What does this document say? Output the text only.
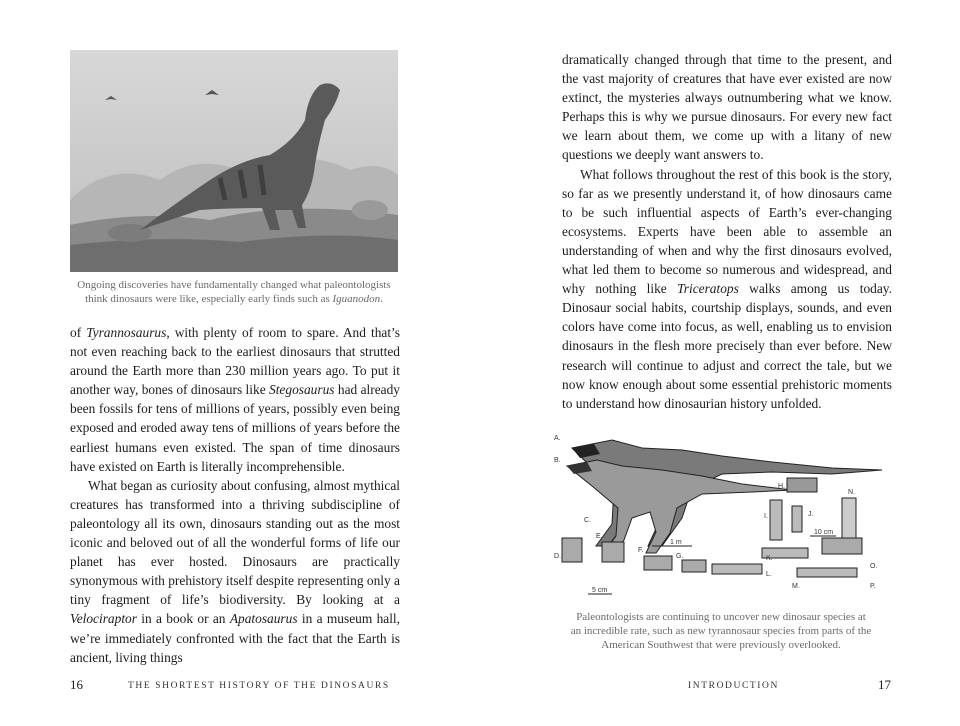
Ongoing discoveries have fundamentally changed what paleontologists
think dinosaurs were like, especially early finds such as Iguanodon.

of Tyrannosaurus, with plenty of room to spare. And that’s not even reaching back to the earliest dinosaurs that strutted around the Earth more than 230 million years ago. To put it another way, bones of dinosaurs like Stegosaurus had already been fossils for tens of millions of years, possibly even being exposed and eroded away tens of millions of years before the earliest humans even existed. The span of time dinosaurs have existed on Earth is literally incomprehensible.

What began as curiosity about confusing, almost mythical creatures has transformed into a thriving subdiscipline of paleontology all its own, dinosaurs standing out as the most iconic and beloved out of all the wonderful forms of life our planet has ever hosted. Dinosaurs are practically synonymous with prehistory itself despite representing only a tiny fragment of life’s biodiversity. By looking at a Velociraptor in a book or an Apatosaurus in a museum hall, we’re immediately confronted with the fact that the Earth is ancient, living things

16	THE SHORTEST HISTORY OF THE DINOSAURS

dramatically changed through that time to the present, and the vast majority of creatures that have ever existed are now extinct, the mysteries always outnumbering what we know. Perhaps this is why we pursue dinosaurs. For every new fact we learn about them, we come up with a litany of new questions we deeply want answers to.

What follows throughout the rest of this book is the story, so far as we presently understand it, of how dinosaurs came to be such influential aspects of Earth’s ever-changing ecosystems. Experts have been able to assemble an understanding of when and why the first dinosaurs evolved, what led them to become so numerous and widespread, and why nothing like Triceratops walks among us today. Dinosaur social habits, courtship displays, sounds, and even colors have come into focus, as well, enabling us to envision dinosaurs in the flesh more precisely than ever before. New research will continue to adjust and correct the tale, but we now know enough about some essential prehistoric moments to understand how dinosaurian history unfolded.

A.
B.
C.
D.
E.
F.
G.
H.
I.	J.
K.
L.
M.
N.
O.
P.
1 m
10 cm
5 cm
Paleontologists are continuing to uncover new dinosaur species at
an incredible rate, such as new tyrannosaur species from parts of the
American Southwest that were previously overlooked.
INTRODUCTION	17
